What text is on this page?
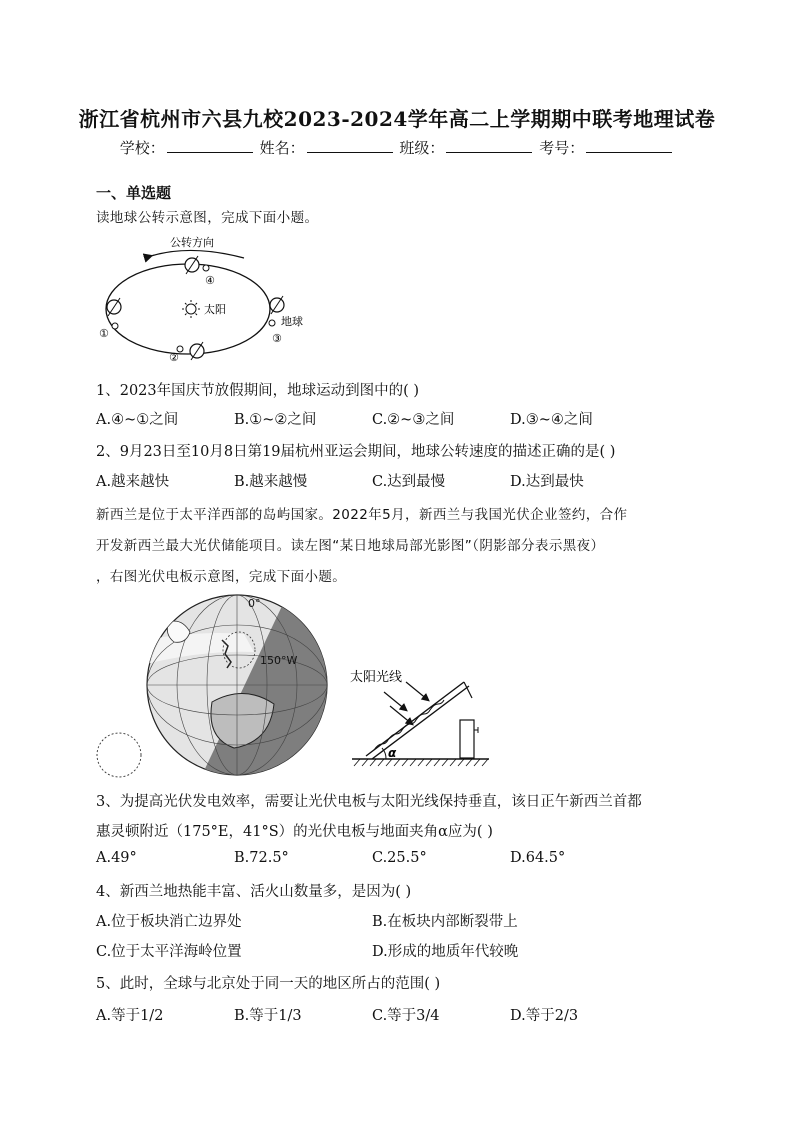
浙江省杭州市六县九校2023-2024学年高二上学期期中联考地理试卷
学校：	姓名：	班级：	考号：
一、单选题
读地球公转示意图，完成下面小题。
公转方向
太阳
④
①
②
地球
③
1、2023年国庆节放假期间，地球运动到图中的( )
A.④~①之间	B.①~②之间	C.②~③之间	D.③~④之间
2、9月23日至10月8日第19届杭州亚运会期间，地球公转速度的描述正确的是( )
A.越来越快	B.越来越慢	C.达到最慢	D.达到最快
新西兰是位于太平洋西部的岛屿国家。2022年5月，新西兰与我国光伏企业签约，合作
开发新西兰最大光伏储能项目。读左图“某日地球局部光影图”（阴影部分表示黑夜）
，右图光伏电板示意图，完成下面小题。
0°
150°W
太阳光线
α
3、为提高光伏发电效率，需要让光伏电板与太阳光线保持垂直，该日正午新西兰首都
惠灵顿附近（175°E，41°S）的光伏电板与地面夹角α应为( )
A.49°	B.72.5°	C.25.5°	D.64.5°
4、新西兰地热能丰富、活火山数量多，是因为( )
A.位于板块消亡边界处	B.在板块内部断裂带上
C.位于太平洋海岭位置	D.形成的地质年代较晚
5、此时，全球与北京处于同一天的地区所占的范围( )
A.等于1/2	B.等于1/3	C.等于3/4	D.等于2/3
